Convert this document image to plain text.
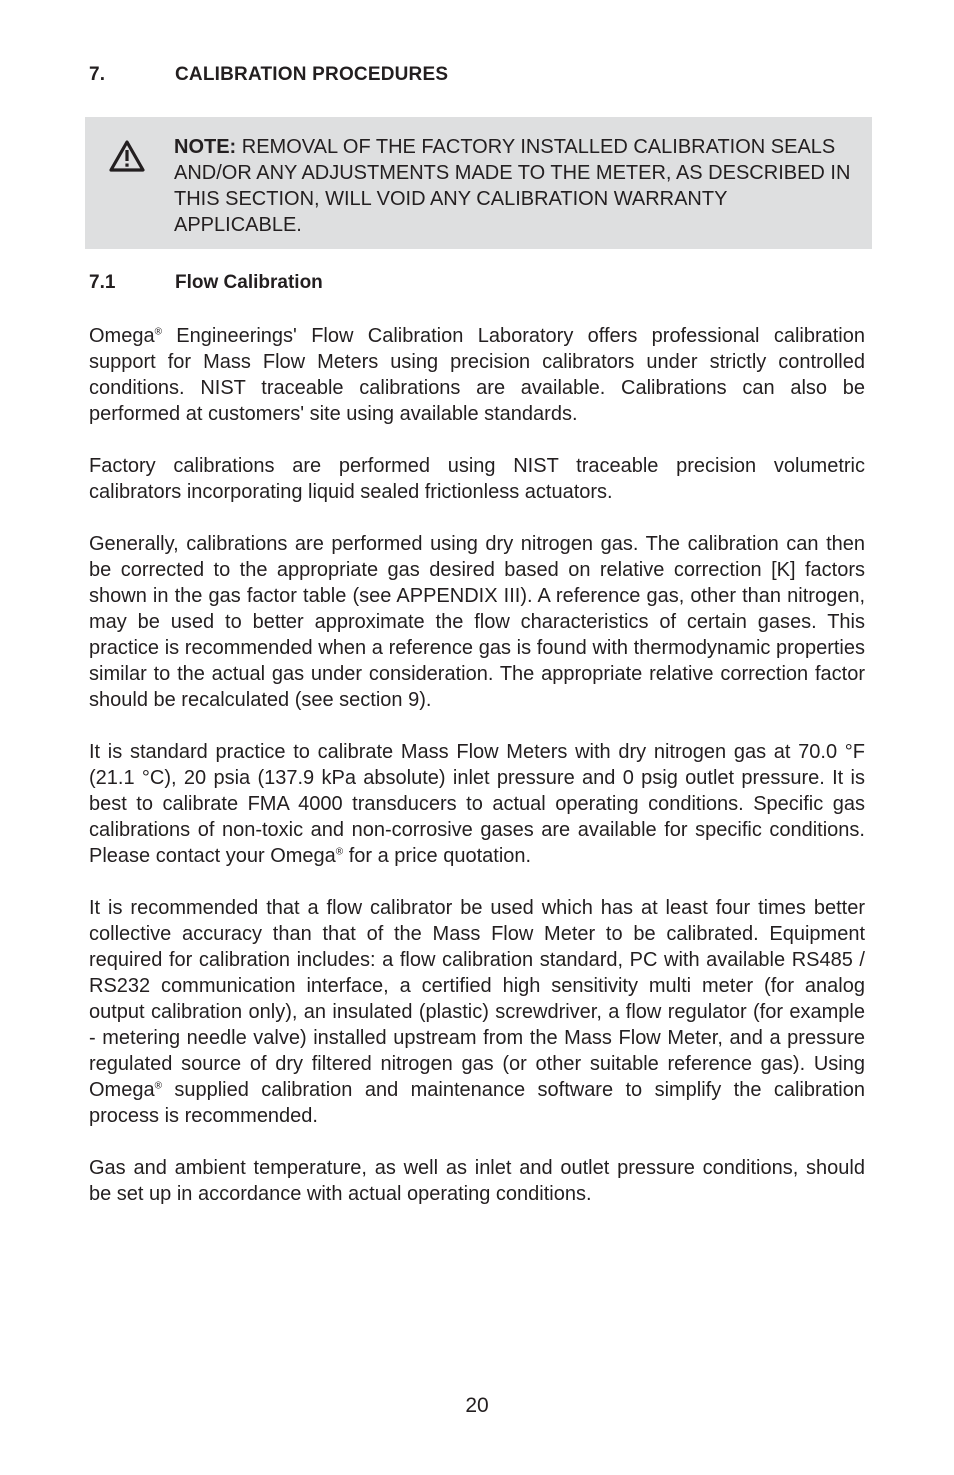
7.	CALIBRATION PROCEDURES
NOTE: REMOVAL OF THE FACTORY INSTALLED CALIBRATION SEALS AND/OR ANY ADJUSTMENTS MADE TO THE METER, AS DESCRIBED IN THIS SECTION, WILL VOID ANY CALIBRATION WARRANTY APPLICABLE.
7.1	Flow Calibration

Omega® Engineerings' Flow Calibration Laboratory offers professional calibration support for Mass Flow Meters using precision calibrators under strictly controlled conditions. NIST traceable calibrations are available. Calibrations can also be performed at customers' site using available standards.

Factory calibrations are performed using NIST traceable precision volumetric calibrators incorporating liquid sealed frictionless actuators.

Generally, calibrations are performed using dry nitrogen gas. The calibration can then be corrected to the appropriate gas desired based on relative correction [K] factors shown in the gas factor table (see APPENDIX III). A reference gas, other than nitrogen, may be used to better approximate the flow characteristics of certain gases. This practice is recommended when a reference gas is found with thermodynamic properties similar to the actual gas under consideration. The appropriate relative correction factor should be recalculated (see section 9).

It is standard practice to calibrate Mass Flow Meters with dry nitrogen gas at 70.0 °F (21.1 °C), 20 psia (137.9 kPa absolute) inlet pressure and 0 psig outlet pressure. It is best to calibrate FMA 4000 transducers to actual operating conditions. Specific gas calibrations of non-toxic and non-corrosive gases are available for specific conditions. Please contact your Omega® for a price quotation.

It is recommended that a flow calibrator be used which has at least four times better collective accuracy than that of the Mass Flow Meter to be calibrated. Equipment required for calibration includes: a flow calibration standard, PC with available RS485 / RS232 communication interface, a certified high sensitivity multi meter (for analog output calibration only), an insulated (plastic) screwdriver, a flow regulator (for example - metering needle valve) installed upstream from the Mass Flow Meter, and a pressure regulated source of dry filtered nitrogen gas (or other suitable reference gas). Using Omega® supplied calibration and maintenance software to simplify the calibration process is recommended.

Gas and ambient temperature, as well as inlet and outlet pressure conditions, should be set up in accordance with actual operating conditions.

20
